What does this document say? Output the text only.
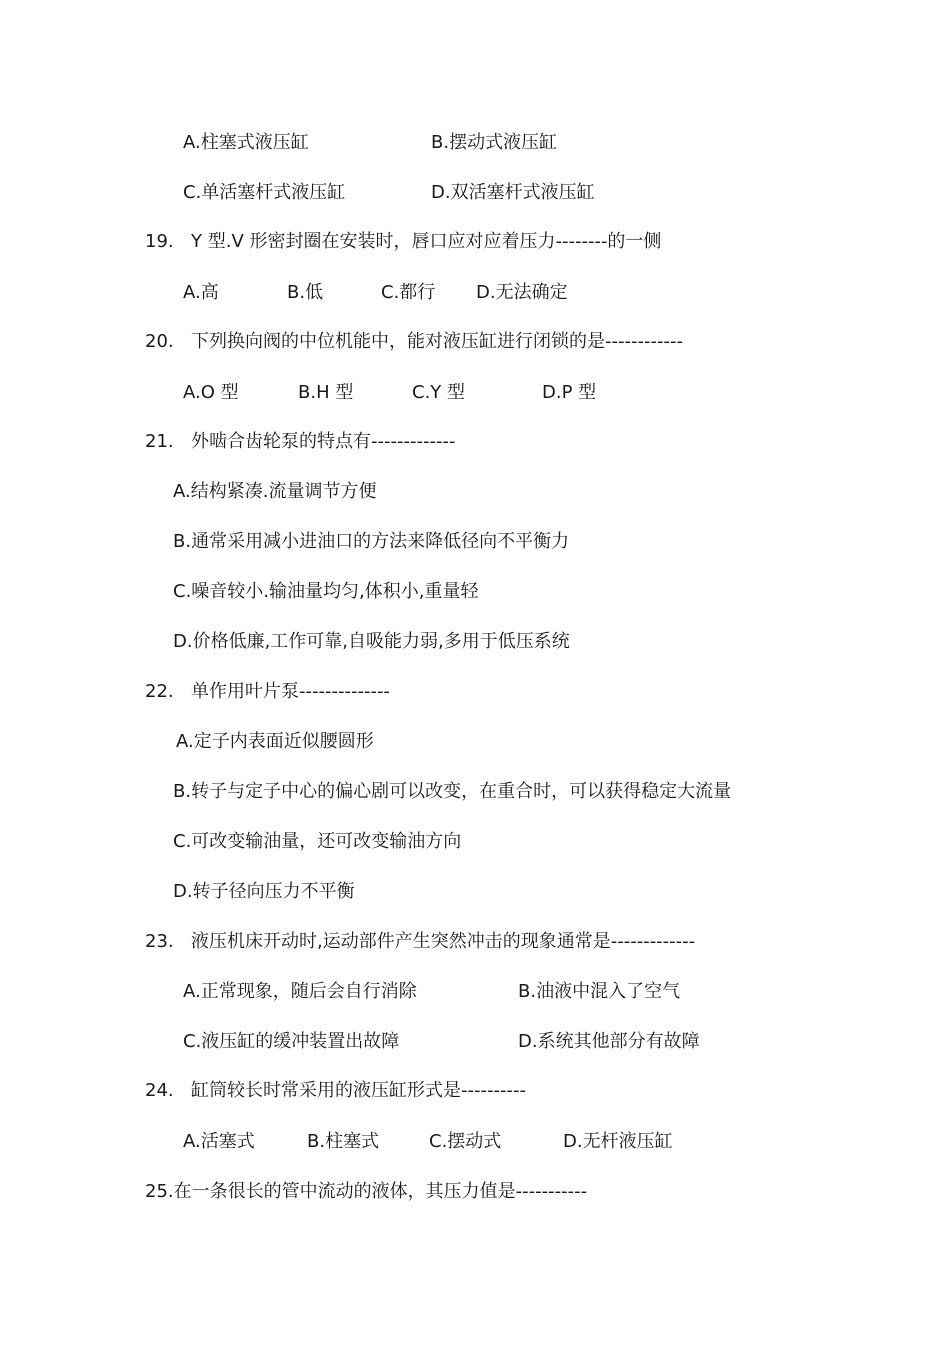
A.柱塞式液压缸	B.摆动式液压缸
C.单活塞杆式液压缸	D.双活塞杆式液压缸
19. Y 型.V 形密封圈在安装时，唇口应对应着压力--------的一侧
A.高	B.低	C.都行 D.无法确定
20. 下列换向阀的中位机能中，能对液压缸进行闭锁的是------------
A.O 型	B.H 型	C.Y 型	D.P 型
21. 外啮合齿轮泵的特点有-------------
A.结构紧凑.流量调节方便
B.通常采用减小进油口的方法来降低径向不平衡力
C.噪音较小.输油量均匀,体积小,重量轻
D.价格低廉,工作可靠,自吸能力弱,多用于低压系统
22. 单作用叶片泵--------------
A.定子内表面近似腰圆形
B.转子与定子中心的偏心剧可以改变，在重合时，可以获得稳定大流量
C.可改变输油量，还可改变输油方向
D.转子径向压力不平衡
23. 液压机床开动时,运动部件产生突然冲击的现象通常是-------------
A.正常现象，随后会自行消除	B.油液中混入了空气
C.液压缸的缓冲装置出故障	D.系统其他部分有故障
24. 缸筒较长时常采用的液压缸形式是----------
A.活塞式	B.柱塞式	C.摆动式	D.无杆液压缸
25.在一条很长的管中流动的液体，其压力值是-----------
